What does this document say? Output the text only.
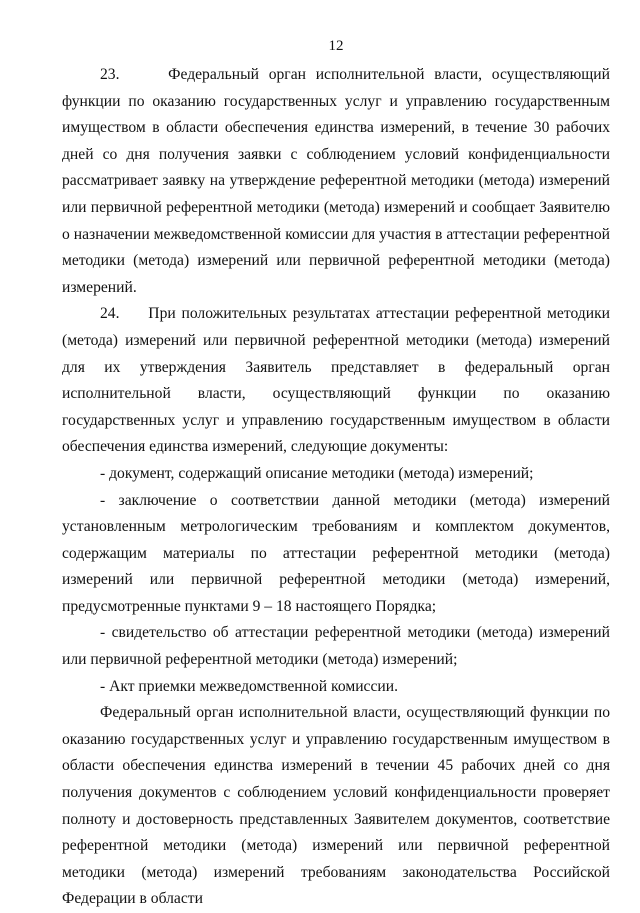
12

23.     Федеральный орган исполнительной власти, осуществляющий функции по оказанию государственных услуг и управлению государственным имуществом в области обеспечения единства измерений, в течение 30 рабочих дней со дня получения заявки с соблюдением условий конфиденциальности рассматривает заявку на утверждение референтной методики (метода) измерений или первичной референтной методики (метода) измерений и сообщает Заявителю о назначении межведомственной комиссии для участия в аттестации референтной методики (метода) измерений или первичной референтной методики (метода) измерений.

24.     При положительных результатах аттестации референтной методики (метода) измерений или первичной референтной методики (метода) измерений для их утверждения Заявитель представляет в федеральный орган исполнительной власти, осуществляющий функции по оказанию государственных услуг и управлению государственным имуществом в области обеспечения единства измерений, следующие документы:

- документ, содержащий описание методики (метода) измерений;

- заключение о соответствии данной методики (метода) измерений установленным метрологическим требованиям и комплектом документов, содержащим материалы по аттестации референтной методики (метода) измерений или первичной референтной методики (метода) измерений, предусмотренные пунктами 9 – 18 настоящего Порядка;

- свидетельство об аттестации референтной методики (метода) измерений или первичной референтной методики (метода) измерений;

- Акт приемки межведомственной комиссии.

Федеральный орган исполнительной власти, осуществляющий функции по оказанию государственных услуг и управлению государственным имуществом в области обеспечения единства измерений в течении 45 рабочих дней со дня получения документов с соблюдением условий конфиденциальности проверяет полноту и достоверность представленных Заявителем документов, соответствие референтной методики (метода) измерений или первичной референтной методики (метода) измерений требованиям законодательства Российской Федерации в области
